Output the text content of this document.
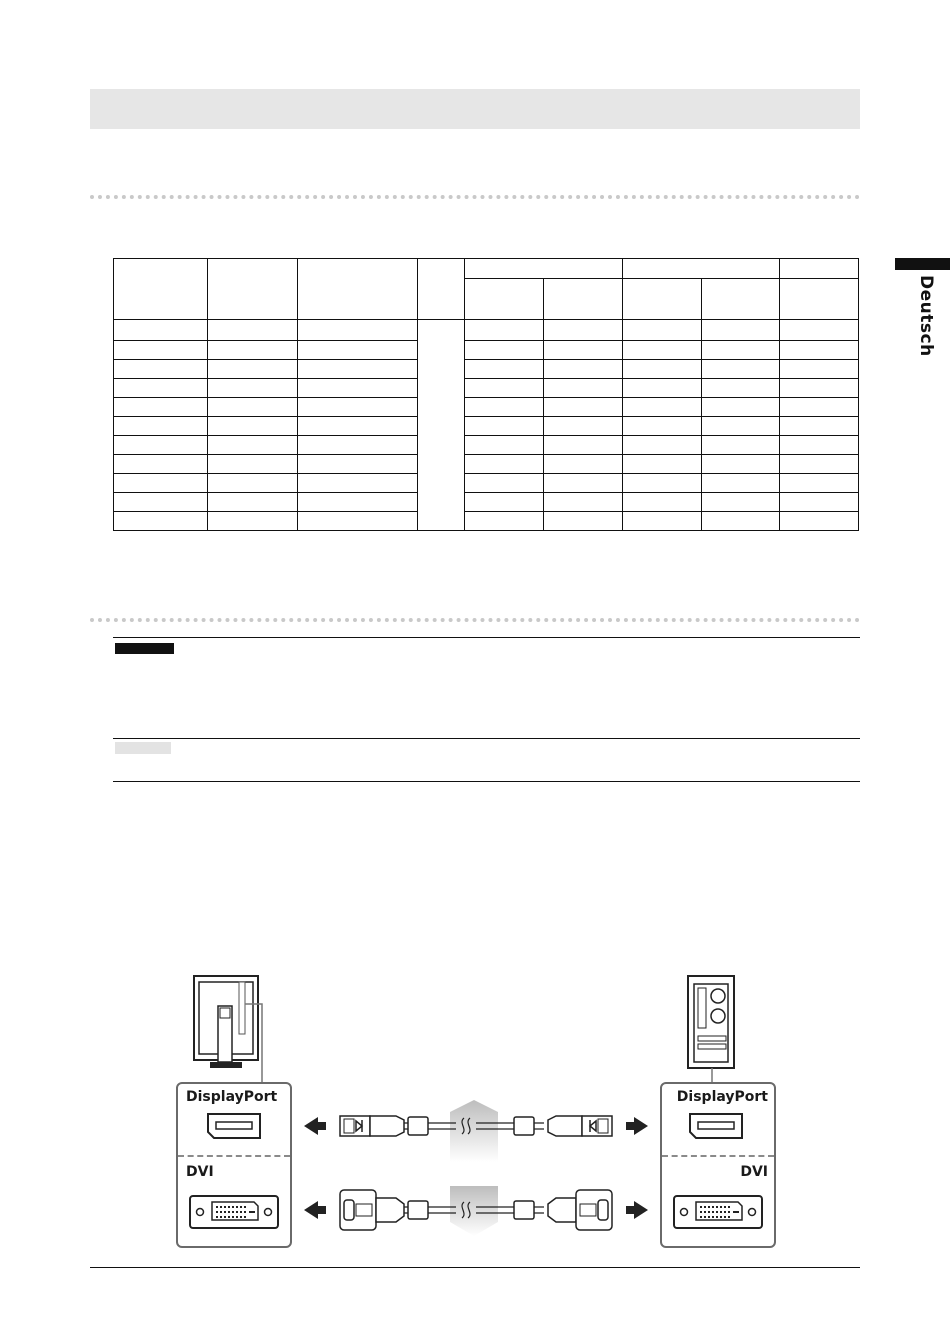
Deutsch

DisplayPort
DVI
DisplayPort
DVI
